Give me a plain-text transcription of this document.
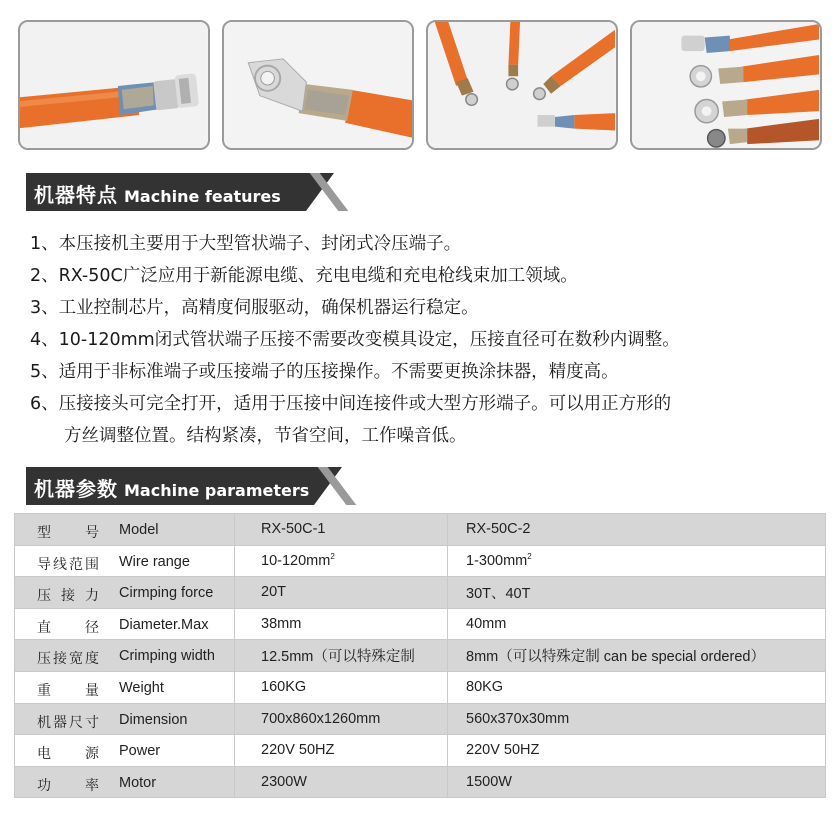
机器特点 Machine features
1、本压接机主要用于大型管状端子、封闭式冷压端子。
2、RX-50C广泛应用于新能源电缆、充电电缆和充电枪线束加工领域。
3、工业控制芯片，高精度伺服驱动，确保机器运行稳定。
4、10-120mm闭式管状端子压接不需要改变模具设定，压接直径可在数秒内调整。
5、适用于非标准端子或压接端子的压接操作。不需要更换涂抹器，精度高。
6、压接接头可完全打开，适用于压接中间连接件或大型方形端子。可以用正方形的
方丝调整位置。结构紧凑，节省空间，工作噪音低。
机器参数 Machine parameters
型 号 Model	RX-50C-1	RX-50C-2

导 线 范 围 Wire range	$10-120mm^2$	$1-300mm^2$

压 接 力 Cirmping force	20T	30T、40T

直 径 Diameter.Max	38mm	40mm

压 接 宽 度 Crimping width	12.5mm（可以特殊定制	8mm（可以特殊定制 can be special ordered）

重 量 Weight	160KG	80KG

机 器 尺 寸 Dimension	700x860x1260mm	560x370x30mm

电 源 Power	220V 50HZ	220V 50HZ

功 率 Motor	2300W	1500W
